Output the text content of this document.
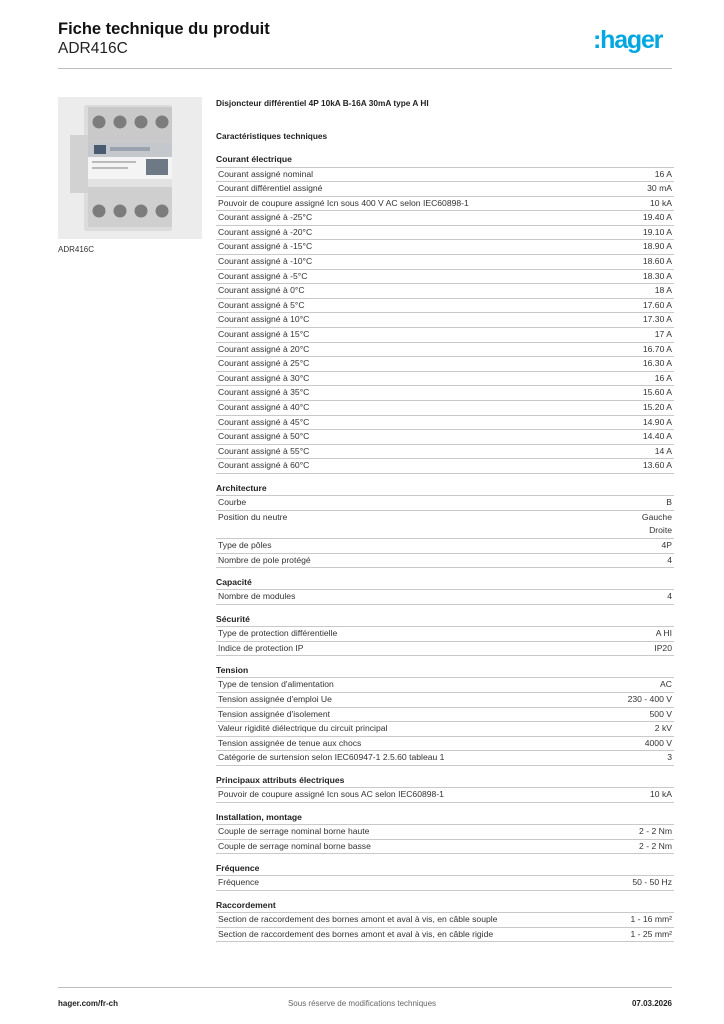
Fiche technique du produit
ADR416C	:hager
ADR416C
Disjoncteur différentiel 4P 10kA B-16A 30mA type A HI
Caractéristiques techniques
Courant électrique
Courant assigné nominal	16 A
Courant différentiel assigné	30 mA
Pouvoir de coupure assigné Icn sous 400 V AC selon IEC60898-1	10 kA
Courant assigné à -25°C	19.40 A
Courant assigné à -20°C	19.10 A
Courant assigné à -15°C	18.90 A
Courant assigné à -10°C	18.60 A
Courant assigné à -5°C	18.30 A
Courant assigné à 0°C	18 A
Courant assigné à 5°C	17.60 A
Courant assigné à 10°C	17.30 A
Courant assigné à 15°C	17 A
Courant assigné à 20°C	16.70 A
Courant assigné à 25°C	16.30 A
Courant assigné à 30°C	16 A
Courant assigné à 35°C	15.60 A
Courant assigné à 40°C	15.20 A
Courant assigné à 45°C	14.90 A
Courant assigné à 50°C	14.40 A
Courant assigné à 55°C	14 A
Courant assigné à 60°C	13.60 A
Architecture
Courbe	B
Position du neutre	Gauche
Droite
Type de pôles	4P
Nombre de pole protégé	4
Capacité
Nombre de modules	4
Sécurité
Type de protection différentielle	A HI
Indice de protection IP	IP20
Tension
Type de tension d'alimentation	AC
Tension assignée d'emploi Ue	230 - 400 V
Tension assignée d'isolement	500 V
Valeur rigidité diélectrique du circuit principal	2 kV
Tension assignée de tenue aux chocs	4000 V
Catégorie de surtension selon IEC60947-1 2.5.60 tableau 1	3
Principaux attributs électriques
Pouvoir de coupure assigné Icn sous AC selon IEC60898-1	10 kA
Installation, montage
Couple de serrage nominal borne haute	2 - 2 Nm
Couple de serrage nominal borne basse	2 - 2 Nm
Fréquence
Fréquence	50 - 50 Hz
Raccordement
Section de raccordement des bornes amont et aval à vis, en câble souple	1 - 16 mm²
Section de raccordement des bornes amont et aval à vis, en câble rigide	1 - 25 mm²
hager.com/fr-ch	Sous réserve de modifications techniques	07.03.2026
